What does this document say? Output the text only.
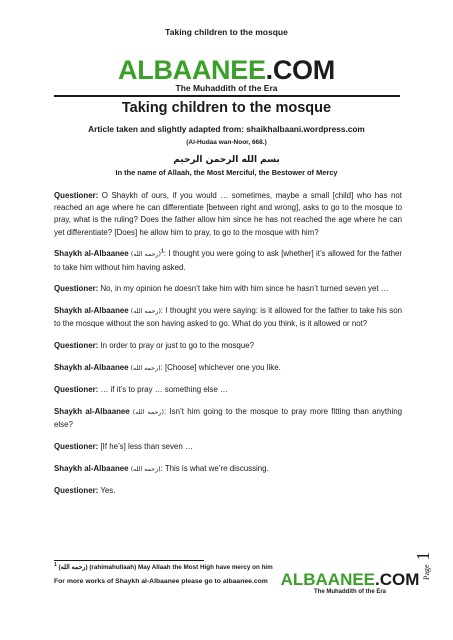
Taking children to the mosque
ALBAANEE.COM
The Muhaddith of the Era
Taking children to the mosque
Article taken and slightly adapted from: shaikhalbaani.wordpress.com
(Al-Hudaa wan-Noor, 668.)
بسم الله الرحمن الرحيم
In the name of Allaah, the Most Merciful, the Bestower of Mercy

Questioner: O Shaykh of ours, if you would … sometimes, maybe a small [child] who has not reached an age where he can differentiate [between right and wrong], asks to go to the mosque to pray, what is the ruling? Does the father allow him since he has not reached the age where he can yet differentiate? [Does] he allow him to pray, to go to the mosque with him?

Shaykh al-Albaanee (رحمه الله)$^1$: I thought you were going to ask [whether] it’s allowed for the father to take him without him having asked.

Questioner: No, in my opinion he doesn’t take him with him since he hasn’t turned seven yet …

Shaykh al-Albaanee (رحمه الله): I thought you were saying: is it allowed for the father to take his son to the mosque without the son having asked to go. What do you think, is it allowed or not?

Questioner: In order to pray or just to go to the mosque?

Shaykh al-Albaanee (رحمه الله): [Choose] whichever one you like.

Questioner: … if it’s to pray … something else …

Shaykh al-Albaanee (رحمه الله): Isn’t him going to the mosque to pray more fitting than anything else?

Questioner: [If he’s] less than seven …

Shaykh al-Albaanee (رحمه الله): This is what we’re discussing.

Questioner: Yes.

$^1$ (رحمه الله) (rahimahullaah) May Allaah the Most High have mercy on him
For more works of Shaykh al-Albaanee please go to albaanee.com ALBAANEE.COM
The Muhaddith of the Era
Page 1
